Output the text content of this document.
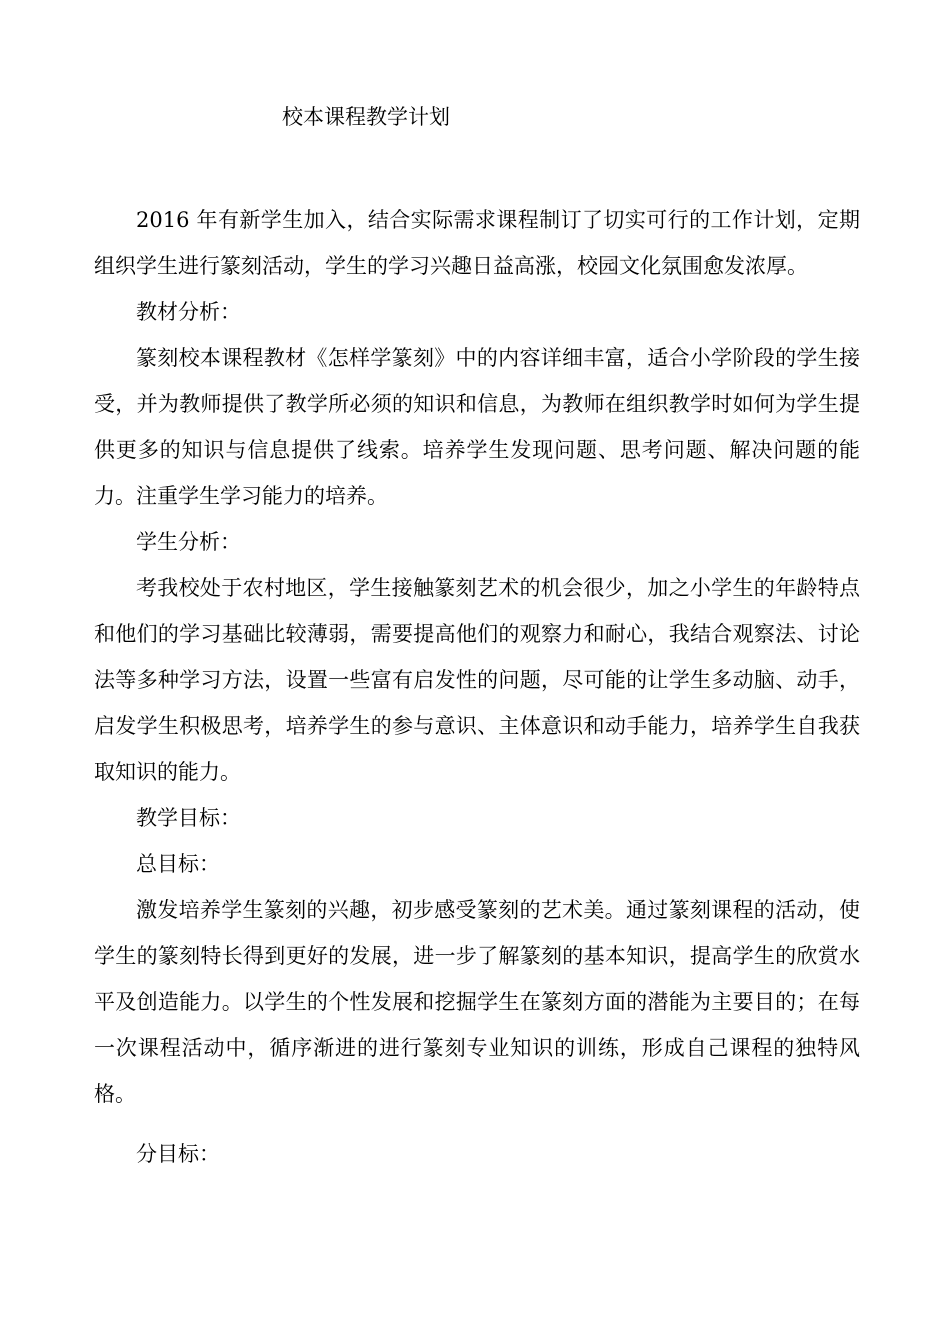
校本课程教学计划

2016 年有新学生加入，结合实际需求课程制订了切实可行的工作计划，定期组织学生进行篆刻活动，学生的学习兴趣日益高涨，校园文化氛围愈发浓厚。

教材分析：

篆刻校本课程教材《怎样学篆刻》中的内容详细丰富，适合小学阶段的学生接受，并为教师提供了教学所必须的知识和信息，为教师在组织教学时如何为学生提供更多的知识与信息提供了线索。培养学生发现问题、思考问题、解决问题的能力。注重学生学习能力的培养。

学生分析：

考我校处于农村地区，学生接触篆刻艺术的机会很少，加之小学生的年龄特点和他们的学习基础比较薄弱，需要提高他们的观察力和耐心，我结合观察法、讨论法等多种学习方法，设置一些富有启发性的问题，尽可能的让学生多动脑、动手，启发学生积极思考，培养学生的参与意识、主体意识和动手能力，培养学生自我获取知识的能力。

教学目标：

总目标：

激发培养学生篆刻的兴趣，初步感受篆刻的艺术美。通过篆刻课程的活动，使学生的篆刻特长得到更好的发展，进一步了解篆刻的基本知识，提高学生的欣赏水平及创造能力。以学生的个性发展和挖掘学生在篆刻方面的潜能为主要目的；在每一次课程活动中，循序渐进的进行篆刻专业知识的训练，形成自己课程的独特风格。

分目标：
